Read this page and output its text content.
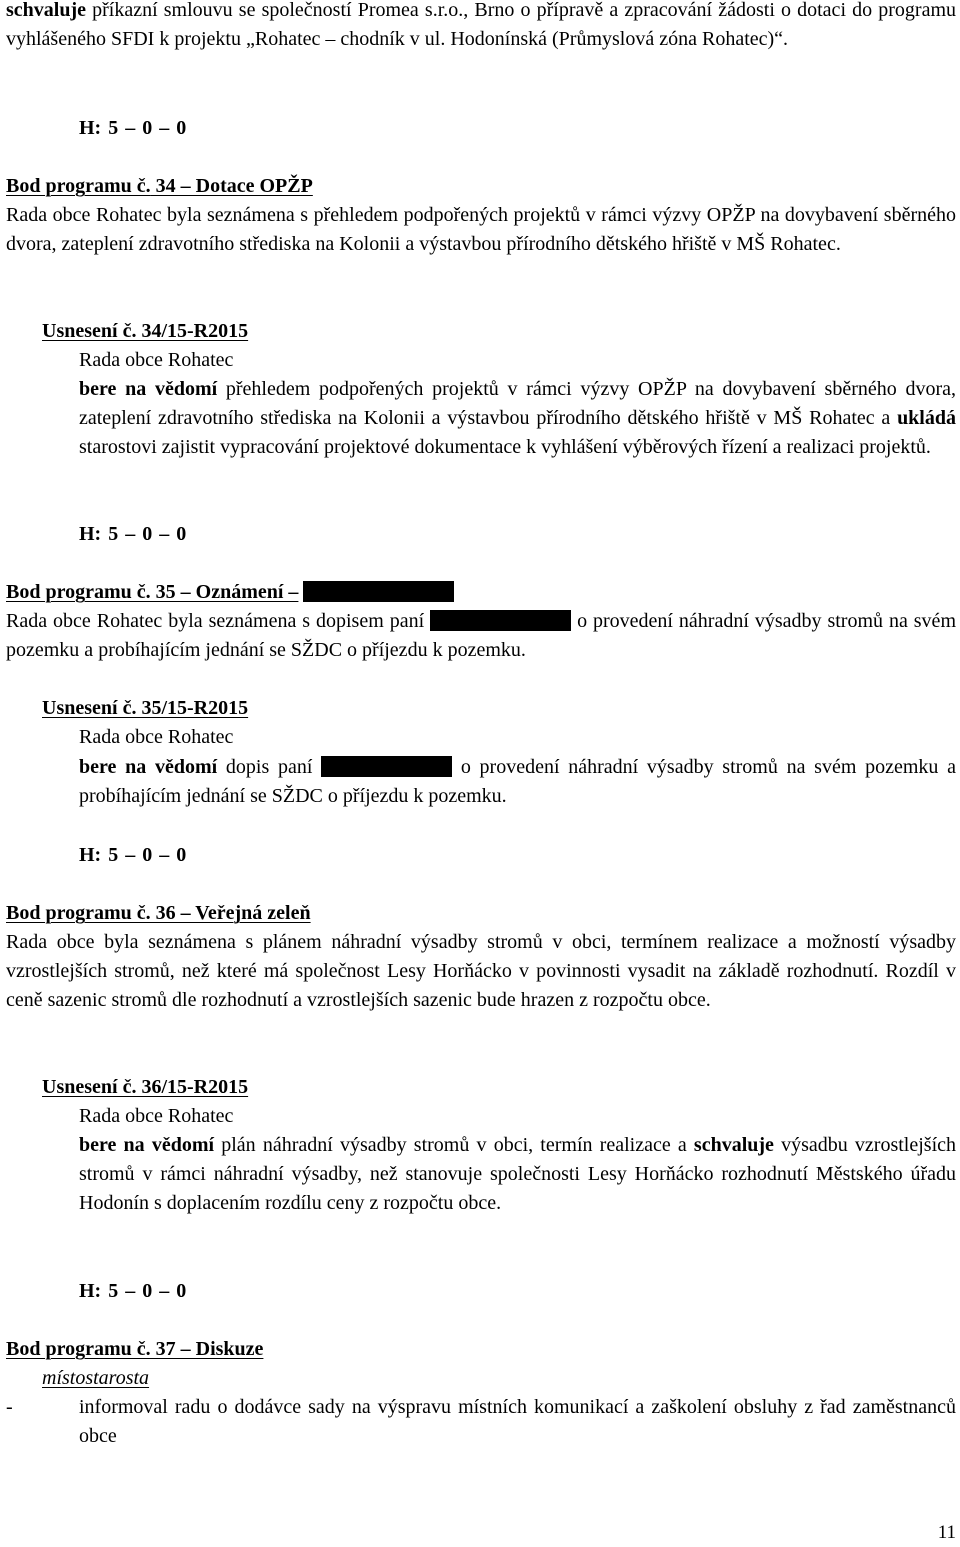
schvaluje příkazní smlouvu se společností Promea s.r.o., Brno o přípravě a zpracování žádosti o dotaci do programu vyhlášeného SFDI k projektu „Rohatec – chodník v ul. Hodonínská (Průmyslová zóna Rohatec)“.
H: 5 – 0 – 0
Bod programu č. 34 – Dotace OPŽP
Rada obce Rohatec byla seznámena s přehledem podpořených projektů v rámci výzvy OPŽP na dovybavení sběrného dvora, zateplení zdravotního střediska na Kolonii a výstavbou přírodního dětského hřiště v MŠ Rohatec.
Usnesení č. 34/15-R2015
Rada obce Rohatec
bere na vědomí přehledem podpořených projektů v rámci výzvy OPŽP na dovybavení sběrného dvora, zateplení zdravotního střediska na Kolonii a výstavbou přírodního dětského hřiště v MŠ Rohatec a ukládá starostovi zajistit vypracování projektové dokumentace k vyhlášení výběrových řízení a realizaci projektů.
H: 5 – 0 – 0
Bod programu č. 35 – Oznámení –
Rada obce Rohatec byla seznámena s dopisem paní	o provedení náhradní výsadby stromů na svém pozemku a probíhajícím jednání se SŽDC o příjezdu k pozemku.
Usnesení č. 35/15-R2015
Rada obce Rohatec
bere na vědomí dopis paní	o provedení náhradní výsadby stromů na svém pozemku a probíhajícím jednání se SŽDC o příjezdu k pozemku.
H: 5 – 0 – 0
Bod programu č. 36 – Veřejná zeleň
Rada obce byla seznámena s plánem náhradní výsadby stromů v obci, termínem realizace a možností výsadby vzrostlejších stromů, než které má společnost Lesy Horňácko v povinnosti vysadit na základě rozhodnutí. Rozdíl v ceně sazenic stromů dle rozhodnutí a vzrostlejších sazenic bude hrazen z rozpočtu obce.
Usnesení č. 36/15-R2015
Rada obce Rohatec
bere na vědomí plán náhradní výsadby stromů v obci, termín realizace a schvaluje výsadbu vzrostlejších stromů v rámci náhradní výsadby, než stanovuje společnosti Lesy Horňácko rozhodnutí Městského úřadu Hodonín s doplacením rozdílu ceny z rozpočtu obce.
H: 5 – 0 – 0
Bod programu č. 37 – Diskuze
místostarosta
-	informoval radu o dodávce sady na výspravu místních komunikací a zaškolení obsluhy z řad zaměstnanců obce
11
